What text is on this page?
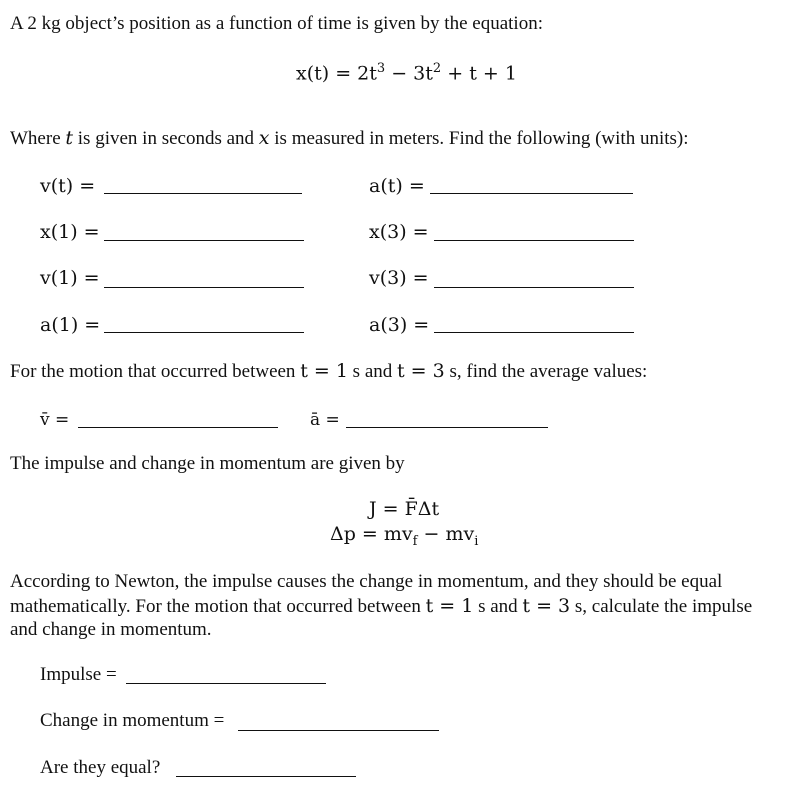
A 2 kg object’s position as a function of time is given by the equation:
$x(t) = 2t^3 - 3t^2 + t + 1$
Where t is given in seconds and x is measured in meters. Find the following (with units):
v(t) =	a(t) =
x(1) =	x(3) =
v(1) =	v(3) =
a(1) =	a(3) =
For the motion that occurred between t = 1 s and t = 3 s, find the average values:
v̄ =	ā =
The impulse and change in momentum are given by
J = F̄Δt
$\Delta p = mv_f - mv_i$
According to Newton, the impulse causes the change in momentum, and they should be equal
mathematically. For the motion that occurred between t = 1 s and t = 3 s, calculate the impulse
and change in momentum.
Impulse =
Change in momentum =
Are they equal?
